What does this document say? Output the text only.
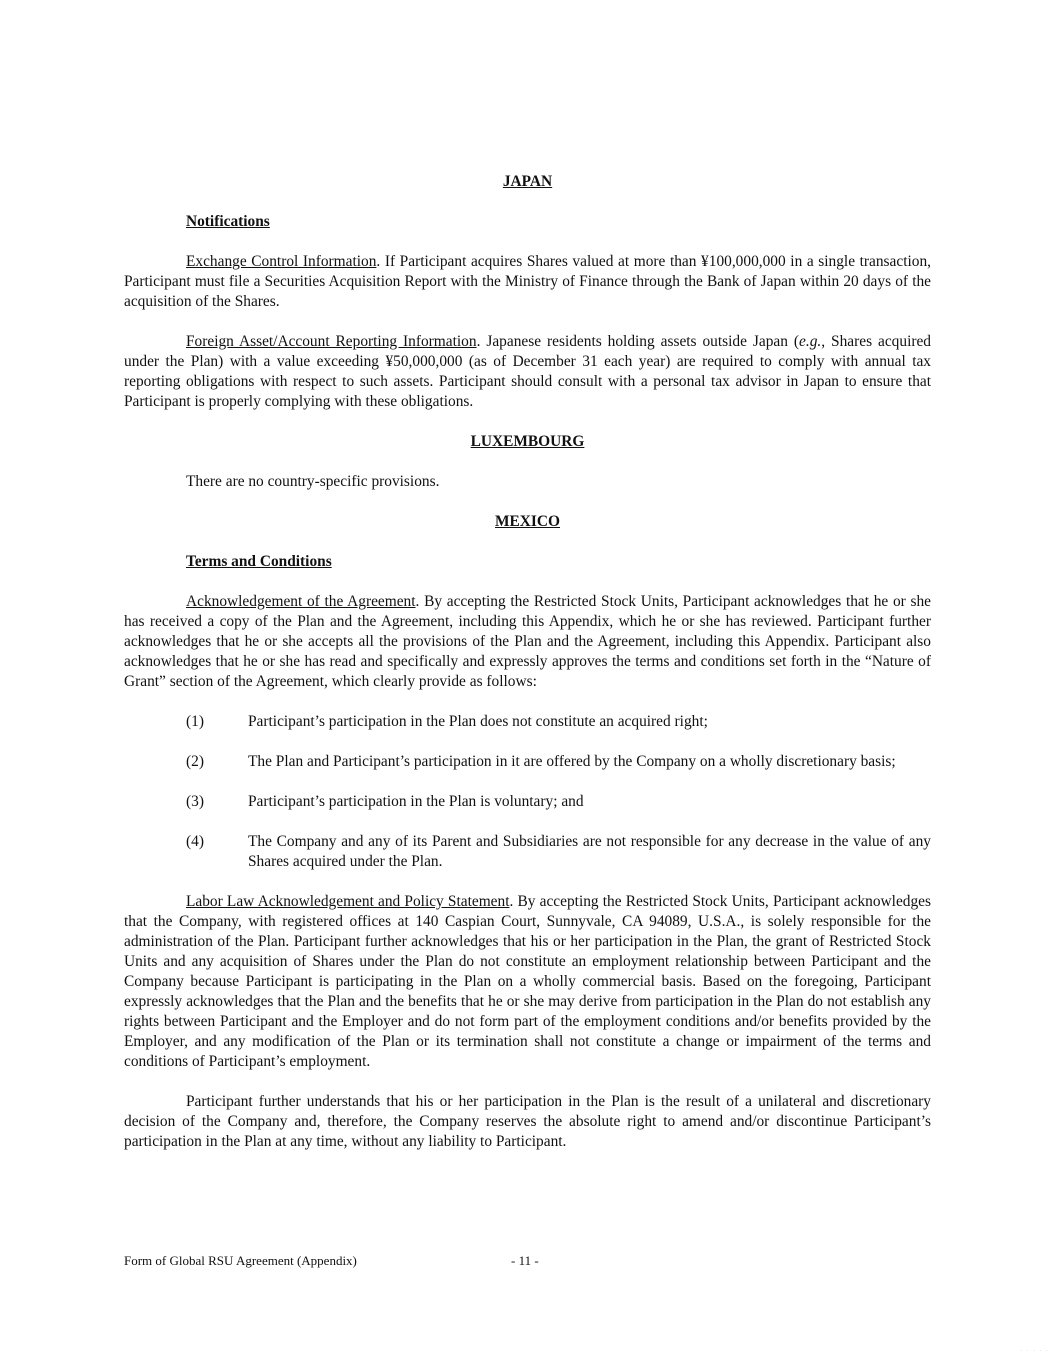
JAPAN
Notifications

Exchange Control Information. If Participant acquires Shares valued at more than ¥100,000,000 in a single transaction, Participant must file a Securities Acquisition Report with the Ministry of Finance through the Bank of Japan within 20 days of the acquisition of the Shares.

Foreign Asset/Account Reporting Information. Japanese residents holding assets outside Japan (e.g., Shares acquired under the Plan) with a value exceeding ¥50,000,000 (as of December 31 each year) are required to comply with annual tax reporting obligations with respect to such assets. Participant should consult with a personal tax advisor in Japan to ensure that Participant is properly complying with these obligations.

LUXEMBOURG

There are no country-specific provisions.

MEXICO
Terms and Conditions

Acknowledgement of the Agreement. By accepting the Restricted Stock Units, Participant acknowledges that he or she has received a copy of the Plan and the Agreement, including this Appendix, which he or she has reviewed. Participant further acknowledges that he or she accepts all the provisions of the Plan and the Agreement, including this Appendix. Participant also acknowledges that he or she has read and specifically and expressly approves the terms and conditions set forth in the “Nature of Grant” section of the Agreement, which clearly provide as follows:

(1)	Participant’s participation in the Plan does not constitute an acquired right;
(2)	The Plan and Participant’s participation in it are offered by the Company on a wholly discretionary basis;
(3)	Participant’s participation in the Plan is voluntary; and
(4)	The Company and any of its Parent and Subsidiaries are not responsible for any decrease in the value of any Shares acquired under the Plan.

Labor Law Acknowledgement and Policy Statement. By accepting the Restricted Stock Units, Participant acknowledges that the Company, with registered offices at 140 Caspian Court, Sunnyvale, CA 94089, U.S.A., is solely responsible for the administration of the Plan. Participant further acknowledges that his or her participation in the Plan, the grant of Restricted Stock Units and any acquisition of Shares under the Plan do not constitute an employment relationship between Participant and the Company because Participant is participating in the Plan on a wholly commercial basis. Based on the foregoing, Participant expressly acknowledges that the Plan and the benefits that he or she may derive from participation in the Plan do not establish any rights between Participant and the Employer and do not form part of the employment conditions and/or benefits provided by the Employer, and any modification of the Plan or its termination shall not constitute a change or impairment of the terms and conditions of Participant’s employment.

Participant further understands that his or her participation in the Plan is the result of a unilateral and discretionary decision of the Company and, therefore, the Company reserves the absolute right to amend and/or discontinue Participant’s participation in the Plan at any time, without any liability to Participant.

Form of Global RSU Agreement (Appendix)	- 11 -
· · · · ·
